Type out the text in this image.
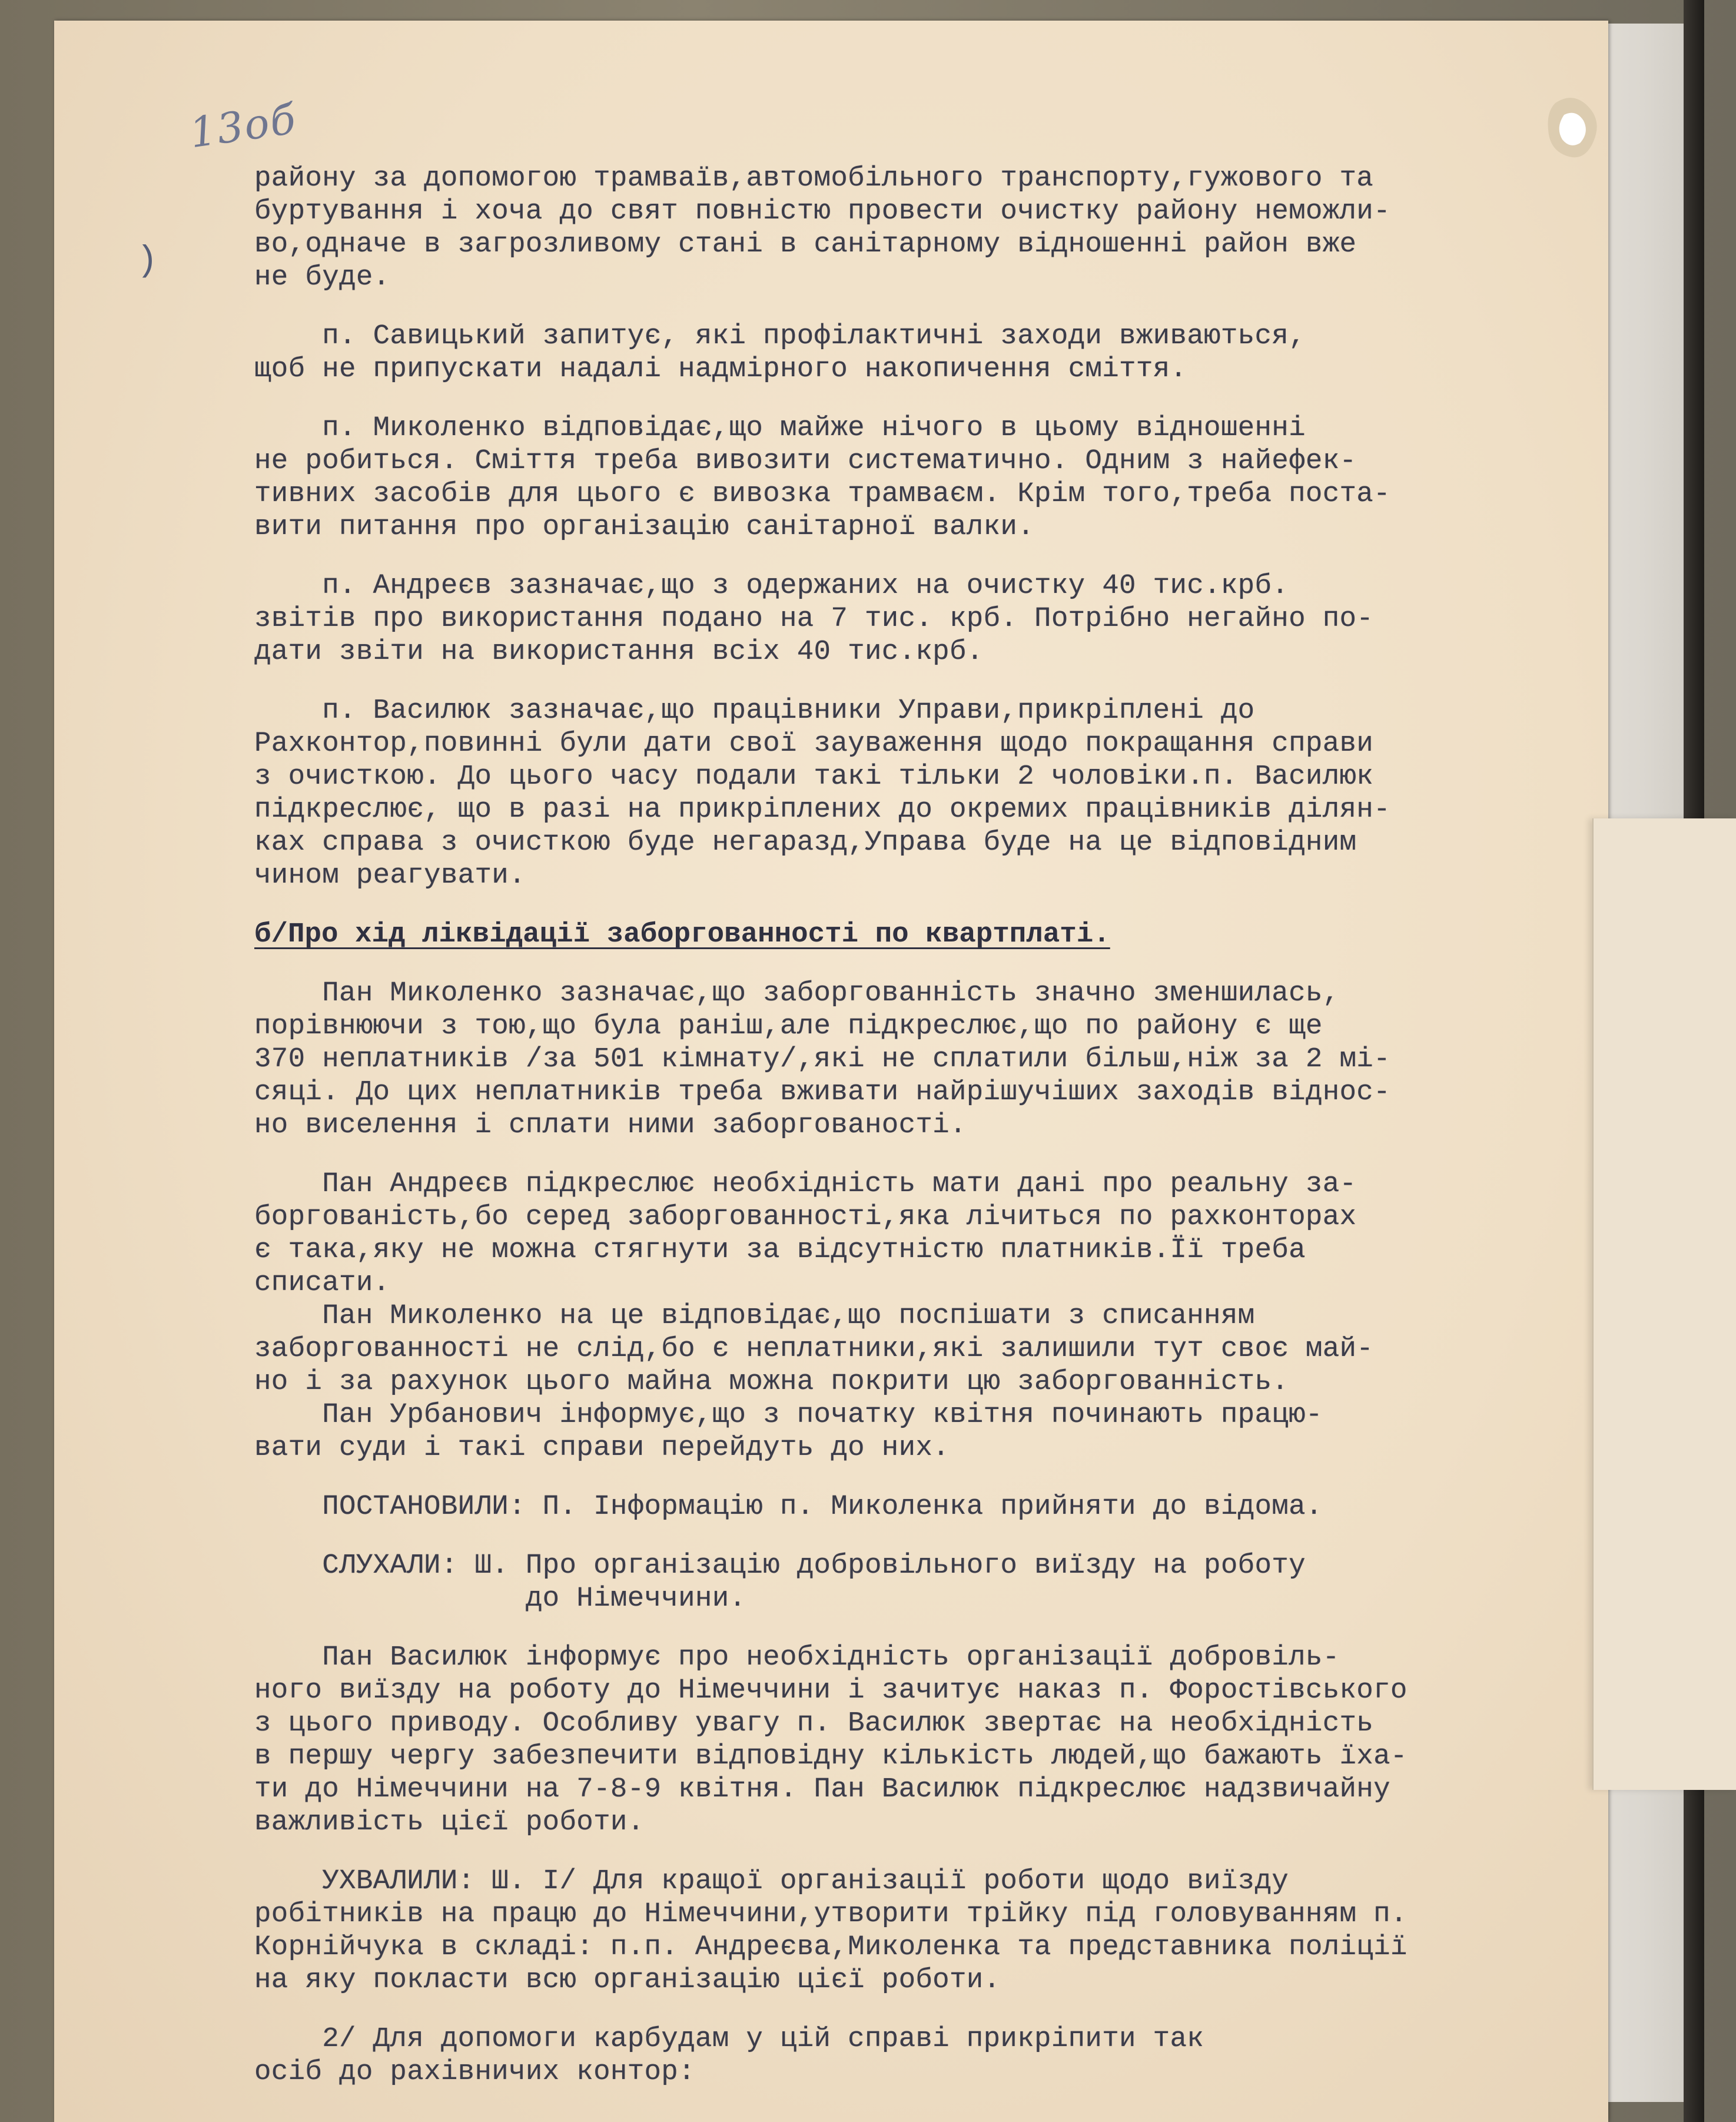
13об
)

району за допомогою трамваїв,автомобільного транспорту,гужового та

буртування і хоча до свят повністю провести очистку району неможли-

во,одначе в загрозливому стані в санітарному відношенні район вже

не буде.

п. Савицький запитує, які профілактичні заходи вживаються,

щоб не припускати надалі надмірного накопичення сміття.

п. Миколенко відповідає,що майже нічого в цьому відношенні

не робиться. Сміття треба вивозити систематично. Одним з найефек-

тивних засобів для цього є вивозка трамваєм. Крім того,треба поста-

вити питання про організацію санітарної валки.

п. Андреєв зазначає,що з одержаних на очистку 40 тис.крб.

звітів про використання подано на 7 тис. крб. Потрібно негайно по-

дати звіти на використання всіх 40 тис.крб.

п. Василюк зазначає,що працівники Управи,прикріплені до

Рахконтор,повинні були дати свої зауваження щодо покращання справи

з очисткою. До цього часу подали такі тільки 2 чоловіки.п. Василюк

підкреслює, що в разі на прикріплених до окремих працівників ділян-

ках справа з очисткою буде негаразд,Управа буде на це відповідним

чином реагувати.

б/Про хід ліквідації заборгованності по квартплаті.

Пан Миколенко зазначає,що заборгованність значно зменшилась,

порівнюючи з тою,що була раніш,але підкреслює,що по району є ще

370 неплатників /за 501 кімнату/,які не сплатили більш,ніж за 2 мі-

сяці. До цих неплатників треба вживати найрішучіших заходів віднос-

но виселення і сплати ними заборгованості.

Пан Андреєв підкреслює необхідність мати дані про реальну за-

боргованість,бо серед заборгованності,яка лічиться по рахконторах

є така,яку не можна стягнути за відсутністю платників.Її треба

списати.

Пан Миколенко на це відповідає,що поспішати з списанням

заборгованності не слід,бо є неплатники,які залишили тут своє май-

но і за рахунок цього майна можна покрити цю заборгованність.

Пан Урбанович інформує,що з початку квітня починають працю-

вати суди і такі справи перейдуть до них.

ПОСТАНОВИЛИ: П. Інформацію п. Миколенка прийняти до відома.

СЛУХАЛИ: Ш. Про організацію добровільного виїзду на роботу

до Німеччини.

Пан Василюк інформує про необхідність організації добровіль-

ного виїзду на роботу до Німеччини і зачитує наказ п. Форостівського

з цього приводу. Особливу увагу п. Василюк звертає на необхідність

в першу чергу забезпечити відповідну кількість людей,що бажають їха-

ти до Німеччини на 7-8-9 квітня. Пан Василюк підкреслює надзвичайну

важливість цієї роботи.

УХВАЛИЛИ: Ш. І/ Для кращої організації роботи щодо виїзду

робітників на працю до Німеччини,утворити трійку під головуванням п.

Корнійчука в складі: п.п. Андреєва,Миколенка та представника поліції

на яку покласти всю організацію цієї роботи.

2/ Для допомоги карбудам у цій справі прикріпити так

осіб до рахівничих контор:
